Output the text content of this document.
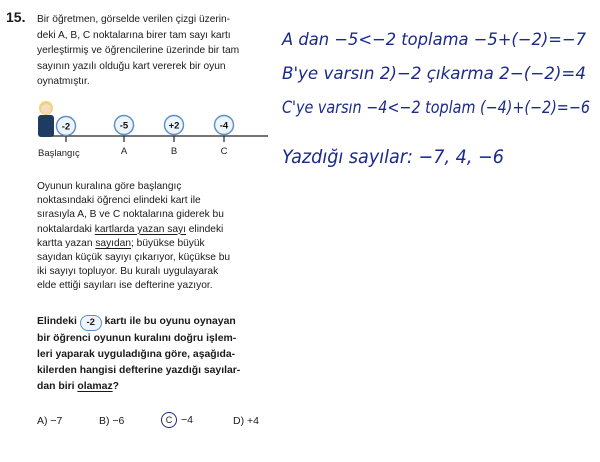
15. Bir öğretmen, görselde verilen çizgi üzerin-
deki A, B, C noktalarına birer tam sayı kartı
yerleştirmiş ve öğrencilerine üzerinde bir tam
sayının yazılı olduğu kart vererek bir oyun
oynatmıştır.
-2	-5	+2	-4
Başlangıç	A	B	C
Oyunun kuralına göre başlangıç
noktasındaki öğrenci elindeki kart ile
sırasıyla A, B ve C noktalarına giderek bu
noktalardaki kartlarda yazan sayı elindeki
kartta yazan sayıdan; büyükse büyük
sayıdan küçük sayıyı çıkarıyor, küçükse bu
iki sayıyı topluyor. Bu kuralı uygulayarak
elde ettiği sayıları ise defterine yazıyor.
Elindeki -2 kartı ile bu oyunu oynayan
bir öğrenci oyunun kuralını doğru işlem-
leri yaparak uyguladığına göre, aşağıda-
kilerden hangisi defterine yazdığı sayılar-
dan biri olamaz?
A) −7	B) −6	C −4	D) +4
A dan −5<−2 toplama −5+(−2)=−7
B'ye varsın 2)−2 çıkarma 2−(−2)=4
C'ye varsın −4<−2 toplam (−4)+(−2)=−6
Yazdığı sayılar: −7, 4, −6
